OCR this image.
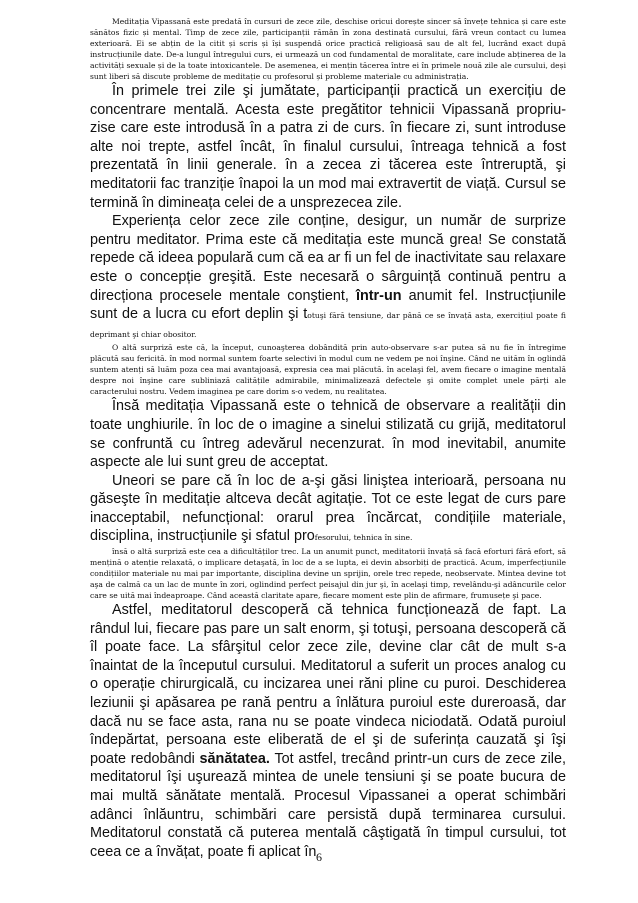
Meditația Vipassană este predată în cursuri de zece zile, deschise oricui dorește sincer să învețe tehnica și care este sănătos fizic și mental. Timp de zece zile, participanții rămân în zona destinată cursului, fără vreun contact cu lumea exterioară. Ei se abțin de la citit și scris și își suspendă orice practică religioasă sau de alt fel, lucrând exact după instrucțiunile date. De-a lungul întregului curs, ei urmează un cod fundamental de moralitate, care include abținerea de la activități sexuale și de la toate intoxicantele. De asemenea, ei mențin tăcerea între ei în primele nouă zile ale cursului, deși sunt liberi să discute probleme de meditație cu profesorul și probleme materiale cu administrația.

În primele trei zile şi jumătate, participanții practică un exercițiu de concentrare mentală. Acesta este pregătitor tehnicii Vipassană propriu-zise care este introdusă în a patra zi de curs. în fiecare zi, sunt introduse alte noi trepte, astfel încât, în finalul cursului, întreaga tehnică a fost prezentată în linii generale. în a zecea zi tăcerea este întreruptă, şi meditatorii fac tranziție înapoi la un mod mai extravertit de viață. Cursul se termină în dimineața celei de a unsprezecea zile.

Experiența celor zece zile conține, desigur, un număr de surprize pentru meditator. Prima este că meditația este muncă grea! Se constată repede că ideea populară cum că ea ar fi un fel de inactivitate sau relaxare este o concepție greşită. Este necesară o sârguință continuă pentru a direcționa procesele mentale conştient, într-un anumit fel. Instrucțiunile sunt de a lucra cu efort deplin şi totuşi fără tensiune, dar până ce se învață asta, exercițiul poate fi deprimant şi chiar obositor.

O altă surpriză este că, la început, cunoaşterea dobândită prin auto-observare s-ar putea să nu fie în întregime plăcută sau fericită. în mod normal suntem foarte selectivi în modul cum ne vedem pe noi înşine. Când ne uităm în oglindă suntem atenți să luăm poza cea mai avantajoasă, expresia cea mai plăcută. în acelaşi fel, avem fiecare o imagine mentală despre noi înşine care subliniază calitățile admirabile, minimalizează defectele şi omite complet unele părți ale caracterului nostru. Vedem imaginea pe care dorim s-o vedem, nu realitatea.

Însă meditația Vipassană este o tehnică de observare a realității din toate unghiurile. în loc de o imagine a sinelui stilizată cu grijă, meditatorul se confruntă cu întreg adevărul necenzurat. în mod inevitabil, anumite aspecte ale lui sunt greu de acceptat.

Uneori se pare că în loc de a-şi găsi liniştea interioară, persoana nu găseşte în meditație altceva decât agitație. Tot ce este legat de curs pare inacceptabil, nefuncțional: orarul prea încărcat, condițiile materiale, disciplina, instrucțiunile şi sfatul profesorului, tehnica în sine.

însă o altă surpriză este cea a dificultăților trec. La un anumit punct, meditatorii învață să facă eforturi fără efort, să mențină o atenție relaxată, o implicare detaşată, în loc de a se lupta, ei devin absorbiți de practică. Acum, imperfecțiunile condițiilor materiale nu mai par importante, disciplina devine un sprijin, orele trec repede, neobservate. Mintea devine tot aşa de calmă ca un lac de munte în zori, oglindind perfect peisajul din jur şi, în acelaşi timp, revelându-şi adâncurile celor care se uită mai îndeaproape. Când această claritate apare, fiecare moment este plin de afirmare, frumusețe şi pace.

Astfel, meditatorul descoperă că tehnica funcționează de fapt. La rândul lui, fiecare pas pare un salt enorm, şi totuşi, persoana descoperă că îl poate face. La sfârşitul celor zece zile, devine clar cât de mult s-a înaintat de la începutul cursului. Meditatorul a suferit un proces analog cu o operație chirurgicală, cu incizarea unei răni pline cu puroi. Deschiderea leziunii şi apăsarea pe rană pentru a înlătura puroiul este dureroasă, dar dacă nu se face asta, rana nu se poate vindeca niciodată. Odată puroiul îndepărtat, persoana este eliberată de el şi de suferința cauzată şi îşi poate redobândi sănătatea. Tot astfel, trecând printr-un curs de zece zile, meditatorul îşi uşurează mintea de unele tensiuni şi se poate bucura de mai multă sănătate mentală. Procesul Vipassanei a operat schimbări adânci înlăuntru, schimbări care persistă după terminarea cursului. Meditatorul constată că puterea mentală câştigată în timpul cursului, tot ceea ce a învățat, poate fi aplicat în 6
